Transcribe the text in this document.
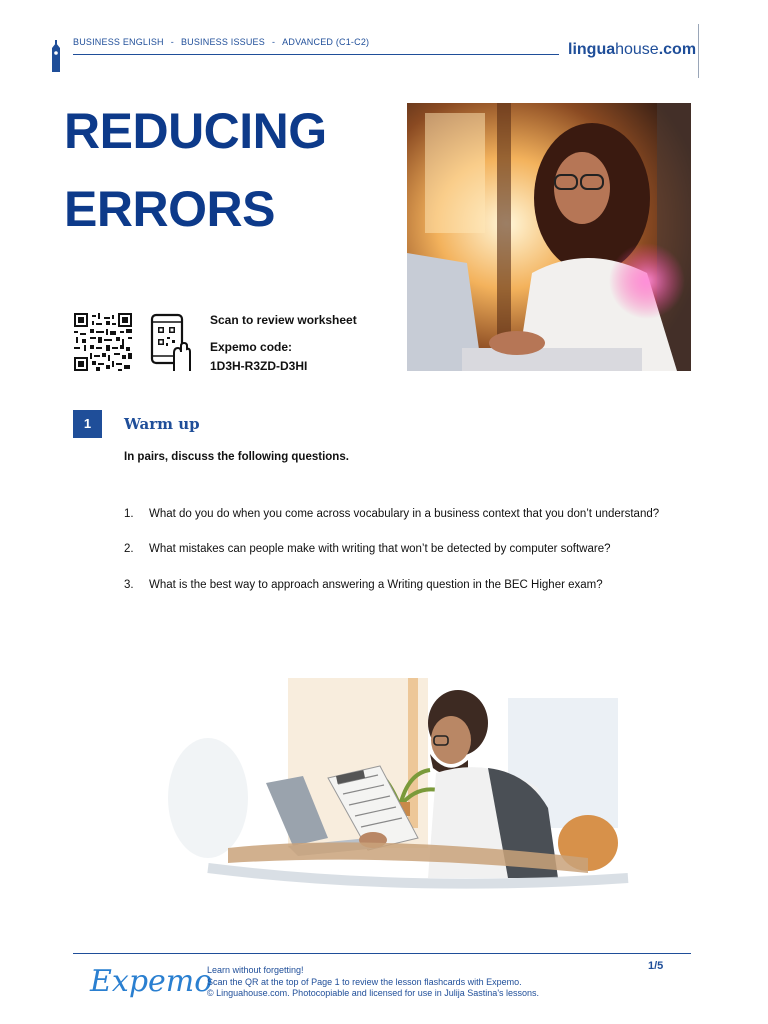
BUSINESS ENGLISH - BUSINESS ISSUES - ADVANCED (C1-C2)	linguahouse.com
REDUCING
ERRORS
Scan to review worksheet
Expemo code:
1D3H-R3ZD-D3HI
1	Warm up
In pairs, discuss the following questions.
1. What do you do when you come across vocabulary in a business context that you don’t understand?
2. What mistakes can people make with writing that won’t be detected by computer software?
3. What is the best way to approach answering a Writing question in the BEC Higher exam?
Expemo
Learn without forgetting!
Scan the QR at the top of Page 1 to review the lesson flashcards with Expemo.
© Linguahouse.com. Photocopiable and licensed for use in Julija Sastina's lessons.
1/5
